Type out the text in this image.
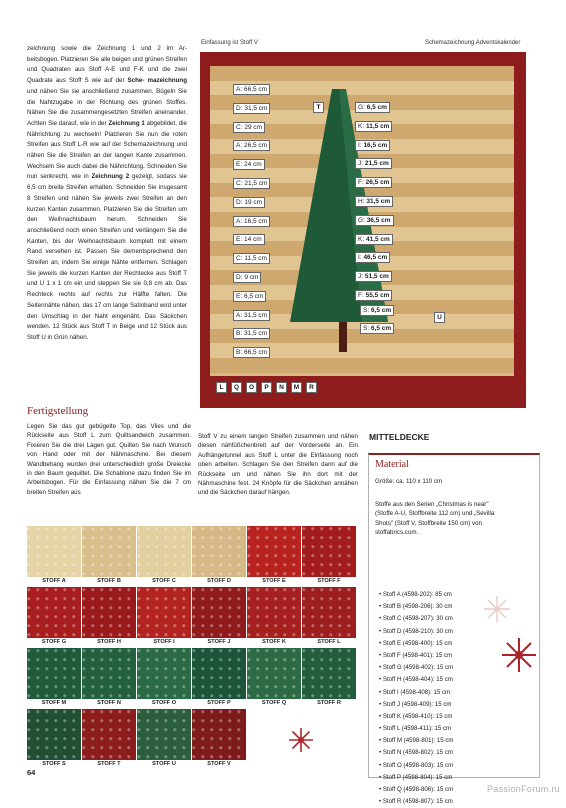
zeichnung sowie die Zeichnung 1 und 2 im Ar- beitsbogen. Platzieren Sie alle beigen und grünen Streifen und Quadraten aus Stoff A-E und F-K und die zwei Quadrate aus Stoff S wie auf der Sche- mazeichnung und nähen Sie sie anschließend zusammen. Bügeln Sie die Nahtzugabe in der Richtung des grünen Stoffes. Nähen Sie die zusammengesetzten Streifen aneinander. Achten Sie darauf, wie in der Zeichnung 1 abgebildet, die Nährichtung zu wechseln! Platzieren Sie nun die roten Streifen aus Stoff L-R wie auf der Schemazeichnung und nähen Sie die Streifen an der langen Kante zusammen. Wechseln Sie auch dabei die Nährichtung. Schneiden Sie nun senkrecht, wie in Zeichnung 2 gezeigt, sodass sie 6,5 cm breite Streifen erhalten. Schneiden Sie insgesamt 8 Streifen und nähen Sie jeweils zwei Streifen an den kurzen Kanten zusammen. Platzieren Sie die Streifen um den Weihnachtsbaum herum. Schneiden Sie anschließend noch einen Streifen und verlängern Sie die Kanten, bis der Weihnachtsbaum komplett mit einem Rand versehen ist. Passen Sie dementsprechend den Streifen an, indem Sie einige Nähte entfernen. Schlagen Sie jeweils die kurzen Kanten der Rechtecke aus Stoff T und U 1 x 1 cm ein und steppen Sie sie 0,8 cm ab. Das Rechteck rechts auf rechts zur Hälfte falten. Die Seitennähte nähen, das 17 cm lange Satinband wird unter den Umschlag in der Naht eingenäht. Das Säckchen wenden. 12 Stück aus Stoff T in Beige und 12 Stück aus Stoff U in Grün nähen.
Einfassung ist Stoff V	Schemazeichnung Adventskalender
A: 66,5 cm
D: 31,5 cm
C: 29 cm
A: 26,5 cm
E: 24 cm
C: 21,5 cm
D: 19 cm
A: 16,5 cm
E: 14 cm
C: 11,5 cm
D: 9 cm
E: 6,5 cm
A: 31,5 cm
B: 31,5 cm
B: 66,5 cm
G: 6,5 cm
K: 11,5 cm
I: 16,5 cm
J: 21,5 cm
F: 26,5 cm
H: 31,5 cm
G: 36,5 cm
K: 41,5 cm
I: 46,5 cm
J: 51,5 cm
F: 55,5 cm
S: 6,5 cm
S: 6,5 cm
T
U
L	Q	O	P	N	M	R
Fertigstellung
Legen Sie das gut gebügelte Top, das Vlies und die Rückseite aus Stoff L zum Quiltsandwich zusammen. Fixieren Sie die drei Lagen gut. Quilten Sie nach Wunsch von Hand oder mit der Nähmaschine. Bei diesem Wandbehang wurden drei unterschiedlich große Dreiecke in den Baum gequiltet. Die Schablone dazu finden Sie im Arbeitsbogen. Für die Einfassung nähen Sie die 7 cm breiten Streifen aus
Stoff V zu einem langen Streifen zusammen und nähen diesen nähfüßchenbreit auf der Vorderseite an. Ein Aufhängetunnel aus Stoff L unter die Einfassung noch oben arbeiten. Schlagen Sie den Streifen dann auf die Rückseite um und nähen Sie ihn dort mit der Nähmaschine fest. 24 Knöpfe für die Säckchen annähen und die Säckchen darauf hängen.
STOFF A	STOFF B	STOFF C	STOFF D	STOFF E	STOFF F
STOFF G	STOFF H	STOFF I	STOFF J	STOFF K	STOFF L
STOFF M	STOFF N	STOFF O	STOFF P	STOFF Q	STOFF R
STOFF S	STOFF T	STOFF U	STOFF V
MITTELDECKE
Material
Größe: ca. 110 x 110 cm
Stoffe aus den Serien „Christmas is near" (Stoffe A-U, Stoffbreite 112 cm) und „Sevilla Shots" (Stoff V, Stoffbreite 150 cm) von stoffabrics.com.
• Stoff A (4598-202): 85 cm
• Stoff B (4598-206): 30 cm
• Stoff C (4598-207): 30 cm
• Stoff D (4598-210): 30 cm
• Stoff E (4598-400): 15 cm
• Stoff F (4598-401): 15 cm
• Stoff G (4598-402): 15 cm
• Stoff H (4598-404): 15 cm
• Stoff I (4598-408): 15 cm
• Stoff J (4598-409): 15 cm
• Stoff K (4598-410): 15 cm
• Stoff L (4598-411): 15 cm
• Stoff M (4598-801): 15 cm
• Stoff N (4598-802): 15 cm
• Stoff O (4598-803): 15 cm
• Stoff P (4598-804): 15 cm
• Stoff Q (4598-806): 15 cm
• Stoff R (4598-807): 15 cm
64
PassionForum.ru
